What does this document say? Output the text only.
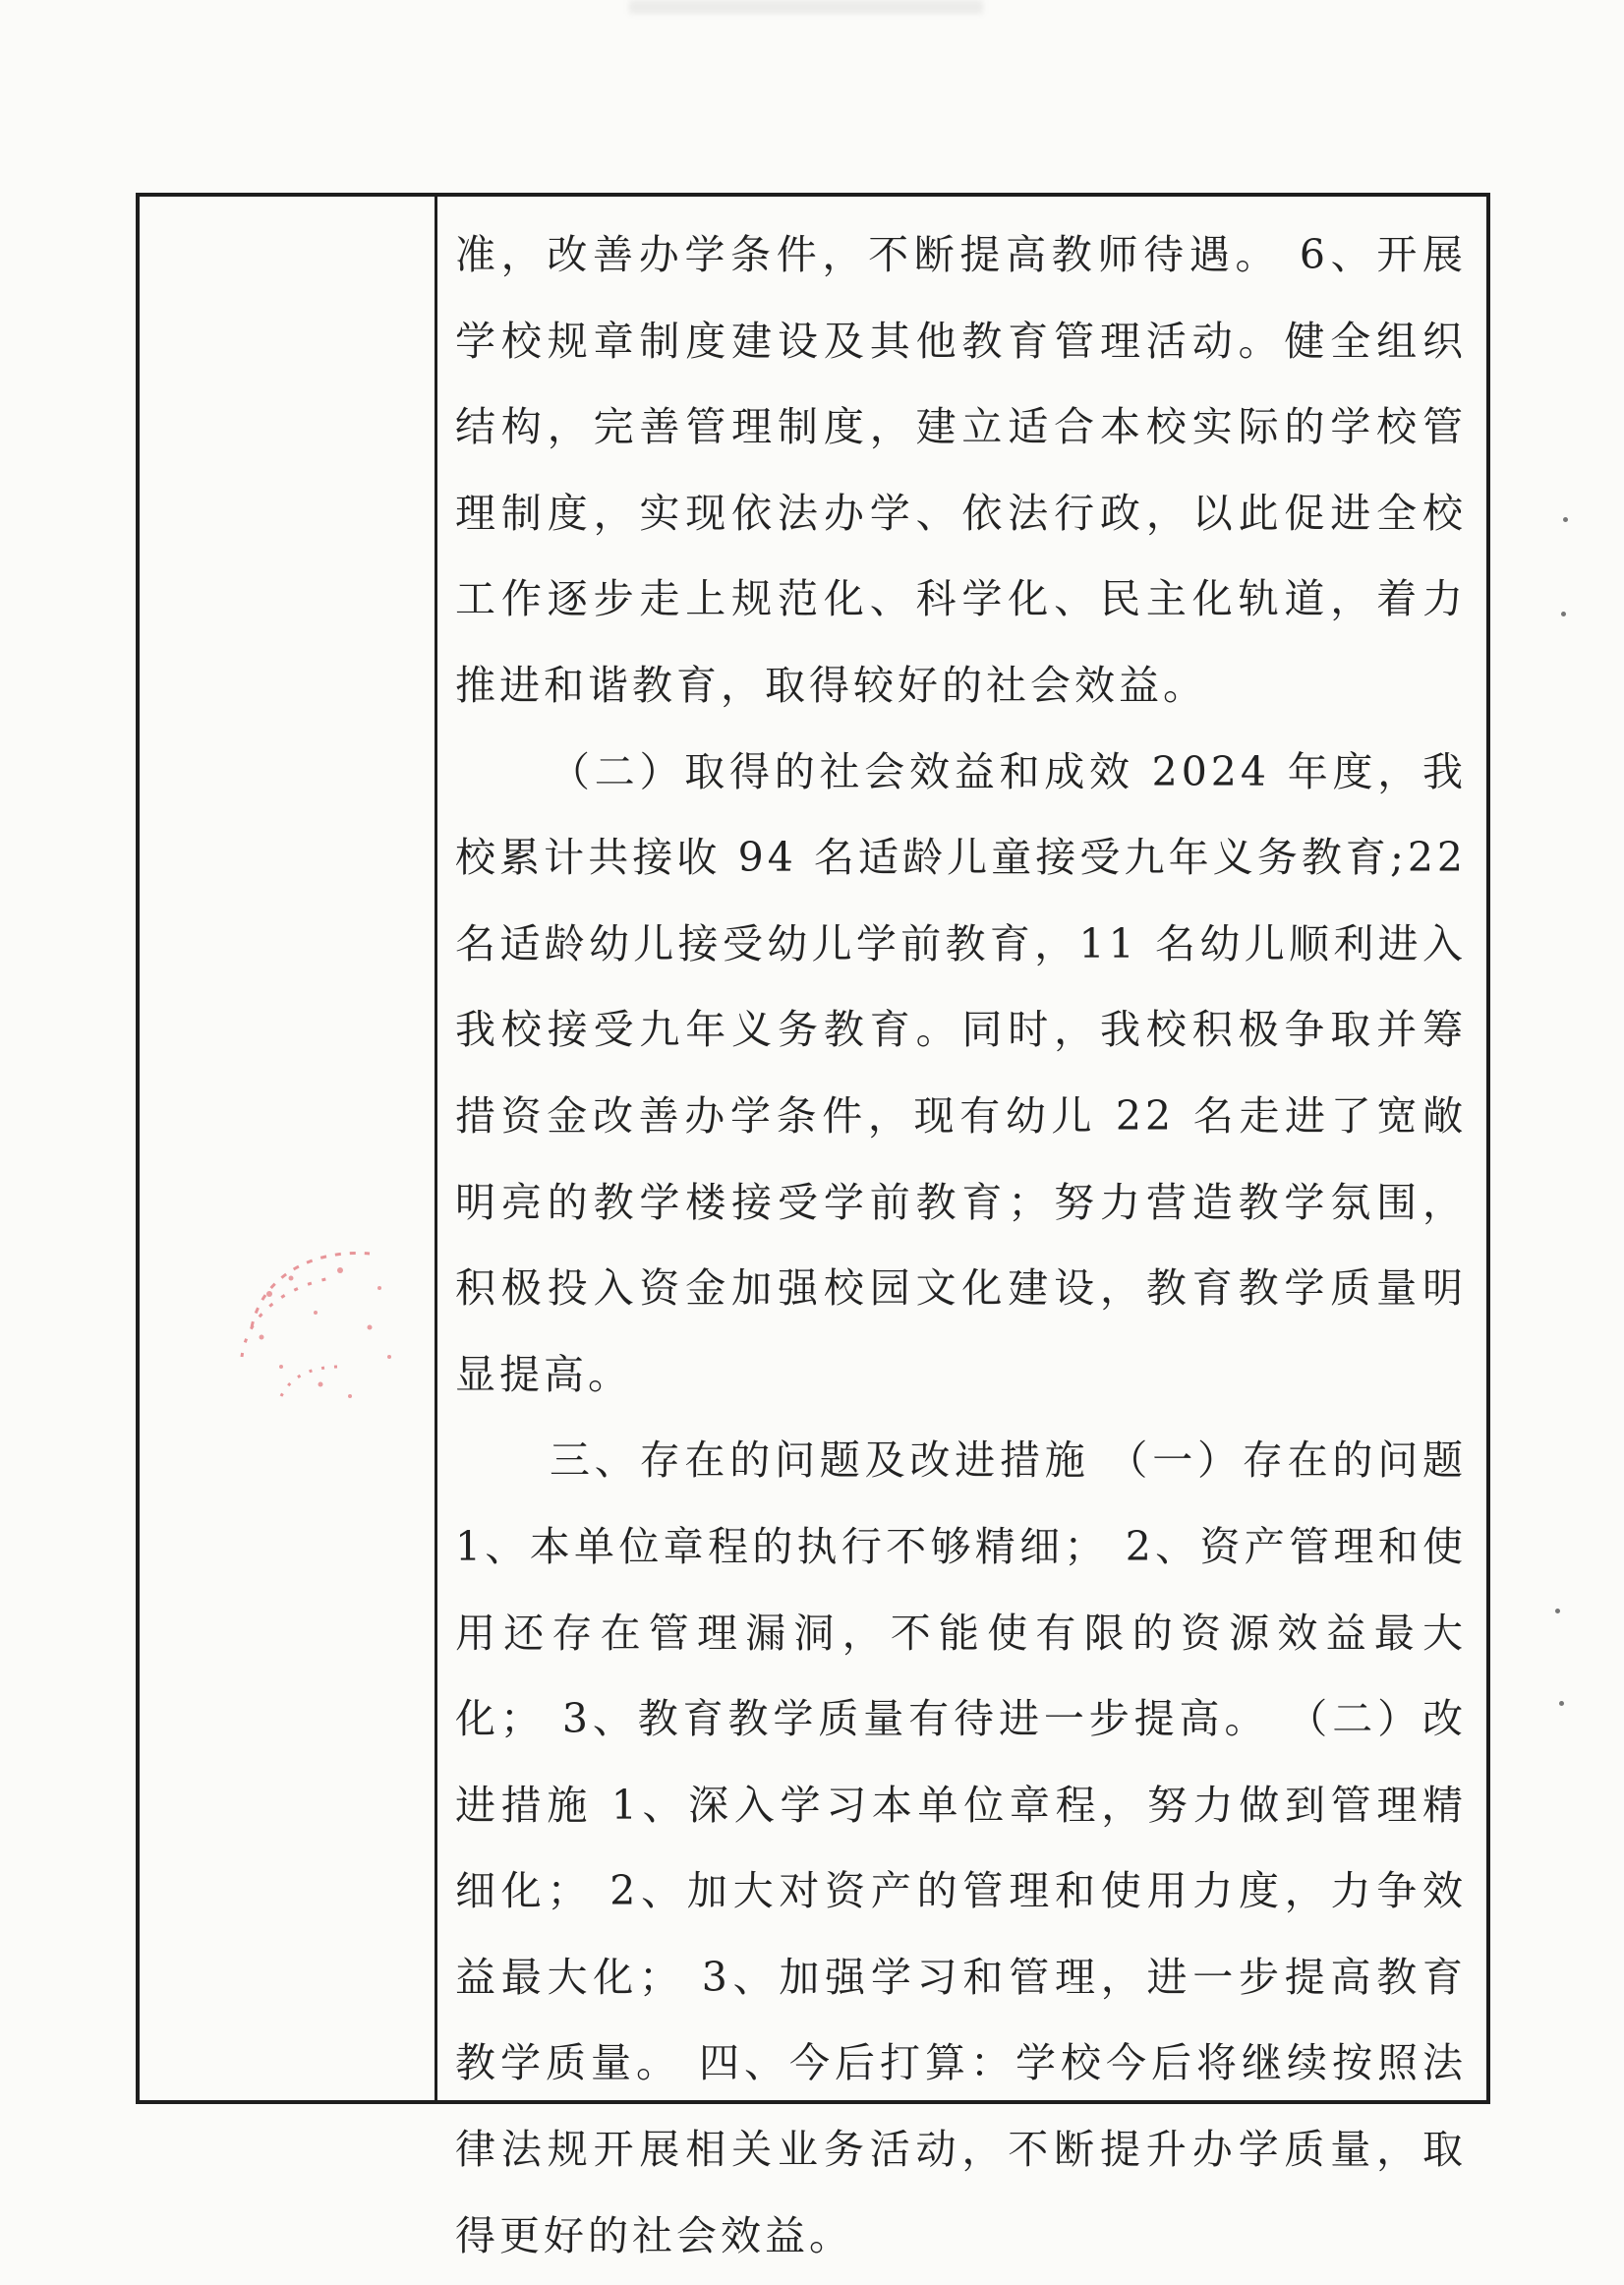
准，改善办学条件，不断提高教师待遇。 6、开展学校规章制度建设及其他教育管理活动。健全组织结构，完善管理制度，建立适合本校实际的学校管理制度，实现依法办学、依法行政，以此促进全校工作逐步走上规范化、科学化、民主化轨道，着力推进和谐教育，取得较好的社会效益。

（二）取得的社会效益和成效 2024 年度，我校累计共接收 94 名适龄儿童接受九年义务教育;22 名适龄幼儿接受幼儿学前教育，11 名幼儿顺利进入我校接受九年义务教育。同时，我校积极争取并筹措资金改善办学条件，现有幼儿 22 名走进了宽敞明亮的教学楼接受学前教育；努力营造教学氛围，积极投入资金加强校园文化建设，教育教学质量明显提高。

三、存在的问题及改进措施 （一）存在的问题 1、本单位章程的执行不够精细； 2、资产管理和使用还存在管理漏洞，不能使有限的资源效益最大化； 3、教育教学质量有待进一步提高。 （二）改进措施 1、深入学习本单位章程，努力做到管理精细化； 2、加大对资产的管理和使用力度，力争效益最大化； 3、加强学习和管理，进一步提高教育教学质量。 四、今后打算：学校今后将继续按照法律法规开展相关业务活动，不断提升办学质量，取得更好的社会效益。
